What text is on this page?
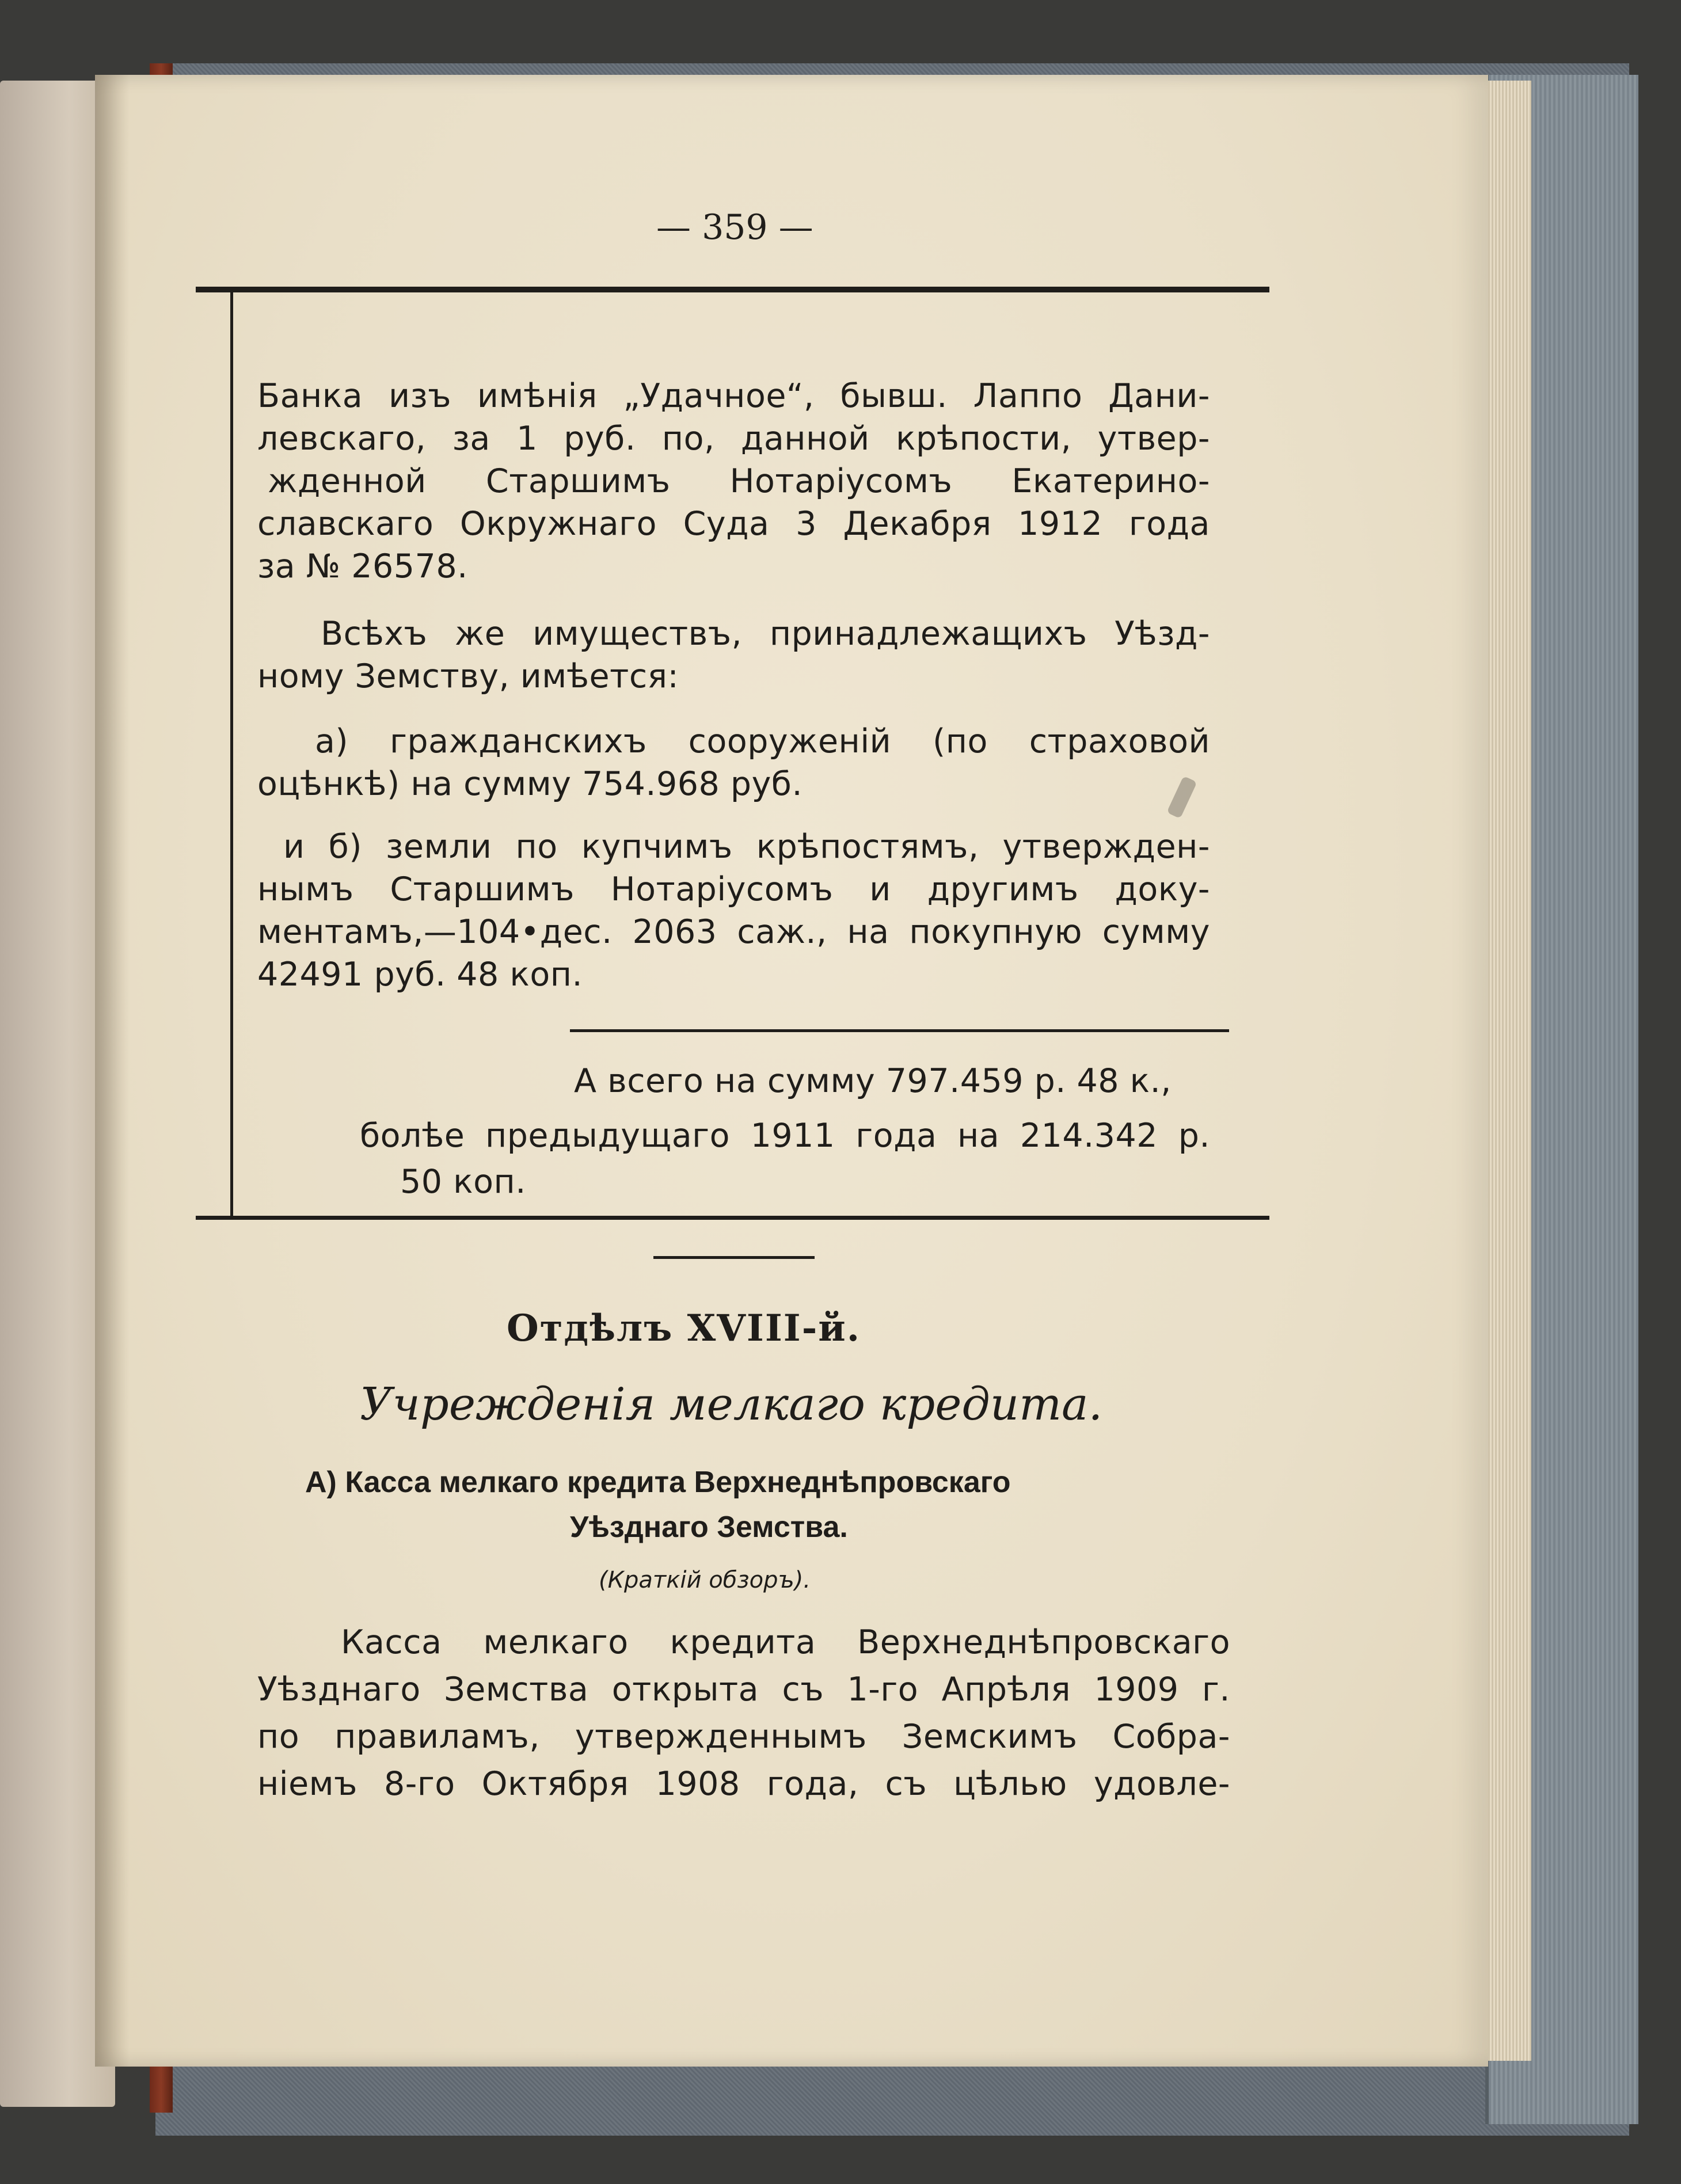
— 359 —
Банка изъ имѣнія „Удачное“, бывш. Лаппо Дани-
левскаго, за 1 руб. по, данной крѣпости, утвер-
жденной Старшимъ Нотаріусомъ Екатерино-
славскаго Окружнаго Суда 3 Декабря 1912 года
за № 26578.
Всѣхъ же имуществъ, принадлежащихъ Уѣзд-
ному Земству, имѣется:
а) гражданскихъ сооруженій (по страховой
оцѣнкѣ) на сумму 754.968 руб.
и б) земли по купчимъ крѣпостямъ, утвержден-
нымъ Старшимъ Нотаріусомъ и другимъ доку-
ментамъ,—104•дес. 2063 саж., на покупную сумму
42491 руб. 48 коп.
А всего на сумму 797.459 р. 48 к.,
болѣе предыдущаго 1911 года на 214.342 р.
50 коп.
Отдѣлъ XVIII-й.
Учрежденія мелкаго кредита.
А) Касса мелкаго кредита Верхнеднѣпровскаго
Уѣзднаго Земства.
(Краткій обзоръ).
Касса мелкаго кредита Верхнеднѣпровскаго
Уѣзднаго Земства открыта съ 1-го Апрѣля 1909 г.
по правиламъ, утвержденнымъ Земскимъ Собра-
ніемъ 8-го Октября 1908 года, съ цѣлью удовле-
